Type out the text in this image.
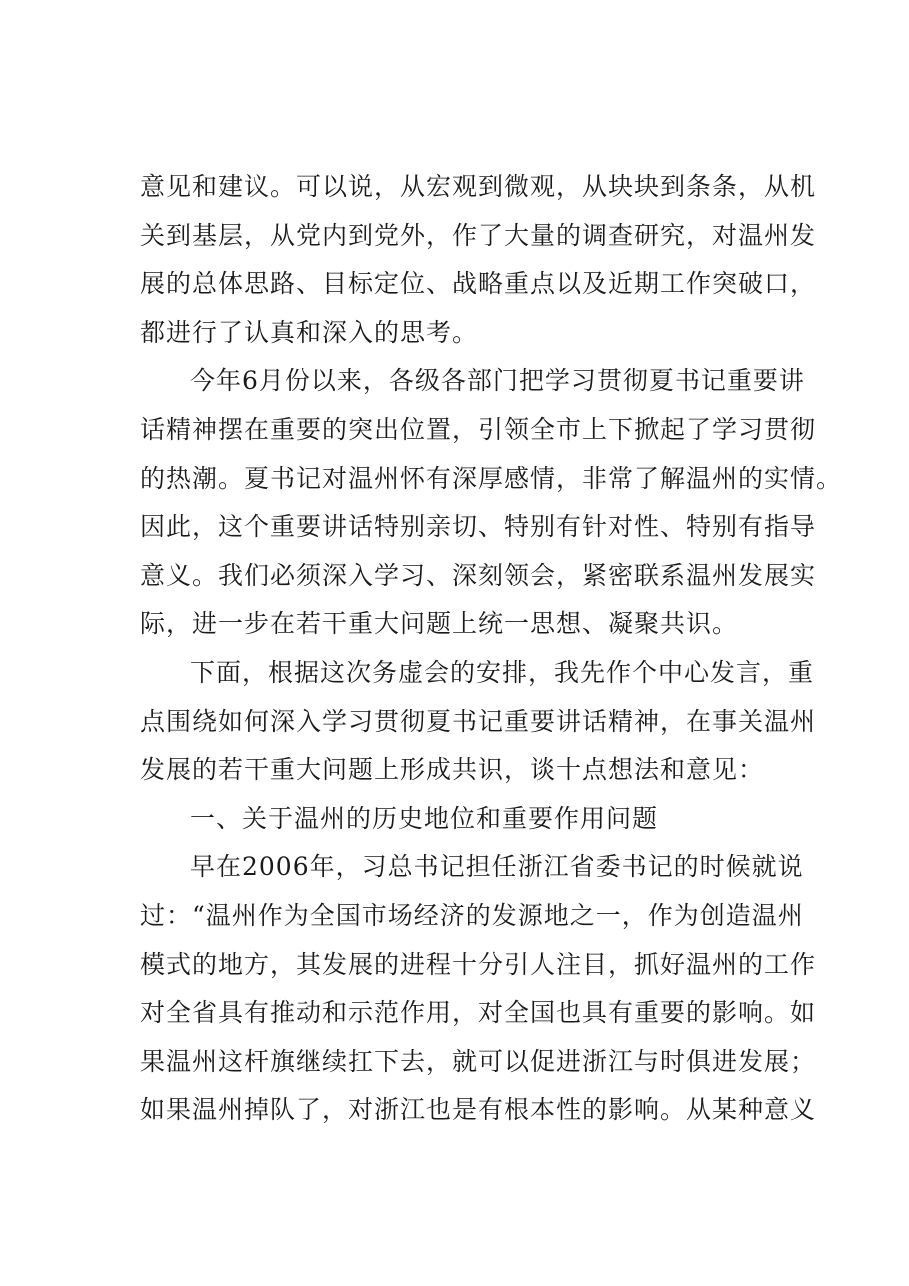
意见和建议。可以说，从宏观到微观，从块块到条条，从机
关到基层，从党内到党外，作了大量的调查研究，对温州发
展的总体思路、目标定位、战略重点以及近期工作突破口，
都进行了认真和深入的思考。
今年6月份以来，各级各部门把学习贯彻夏书记重要讲
话精神摆在重要的突出位置，引领全市上下掀起了学习贯彻
的热潮。夏书记对温州怀有深厚感情，非常了解温州的实情。
因此，这个重要讲话特别亲切、特别有针对性、特别有指导
意义。我们必须深入学习、深刻领会，紧密联系温州发展实
际，进一步在若干重大问题上统一思想、凝聚共识。
下面，根据这次务虚会的安排，我先作个中心发言，重
点围绕如何深入学习贯彻夏书记重要讲话精神，在事关温州
发展的若干重大问题上形成共识，谈十点想法和意见：
一、关于温州的历史地位和重要作用问题
早在2006年，习总书记担任浙江省委书记的时候就说
过：“温州作为全国市场经济的发源地之一，作为创造温州
模式的地方，其发展的进程十分引人注目，抓好温州的工作
对全省具有推动和示范作用，对全国也具有重要的影响。如
果温州这杆旗继续扛下去，就可以促进浙江与时俱进发展；
如果温州掉队了，对浙江也是有根本性的影响。从某种意义
